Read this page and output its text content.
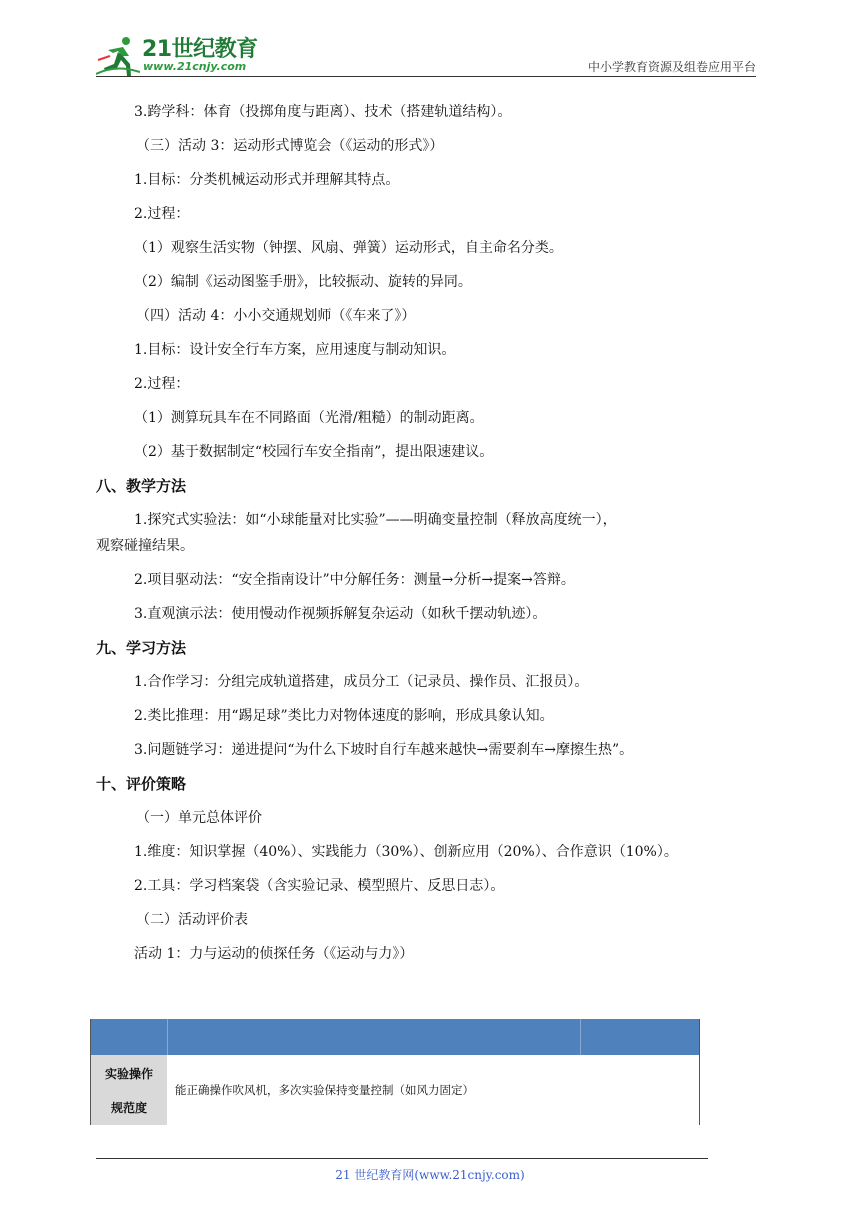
21世纪教育
www.21cnjy.com	中小学教育资源及组卷应用平台

3.跨学科：体育（投掷角度与距离）、技术（搭建轨道结构）。

（三）活动 3：运动形式博览会（《运动的形式》）

1.目标：分类机械运动形式并理解其特点。

2.过程：

（1）观察生活实物（钟摆、风扇、弹簧）运动形式，自主命名分类。

（2）编制《运动图鉴手册》，比较振动、旋转的异同。

（四）活动 4：小小交通规划师（《车来了》）

1.目标：设计安全行车方案，应用速度与制动知识。

2.过程：

（1）测算玩具车在不同路面（光滑/粗糙）的制动距离。

（2）基于数据制定“校园行车安全指南”，提出限速建议。

八、教学方法

1.探究式实验法：如“小球能量对比实验”——明确变量控制（释放高度统一），

观察碰撞结果。

2.项目驱动法：“安全指南设计”中分解任务：测量→分析→提案→答辩。

3.直观演示法：使用慢动作视频拆解复杂运动（如秋千摆动轨迹）。

九、学习方法

1.合作学习：分组完成轨道搭建，成员分工（记录员、操作员、汇报员）。

2.类比推理：用“踢足球”类比力对物体速度的影响，形成具象认知。

3.问题链学习：递进提问“为什么下坡时自行车越来越快→需要刹车→摩擦生热”。

十、评价策略

（一）单元总体评价

1.维度：知识掌握（40%）、实践能力（30%）、创新应用（20%）、合作意识（10%）。

2.工具：学习档案袋（含实验记录、模型照片、反思日志）。

（二）活动评价表

活动 1：力与运动的侦探任务（《运动与力》）

实验操作
规范度
能正确操作吹风机，多次实验保持变量控制（如风力固定）
21 世纪教育网(www.21cnjy.com)
